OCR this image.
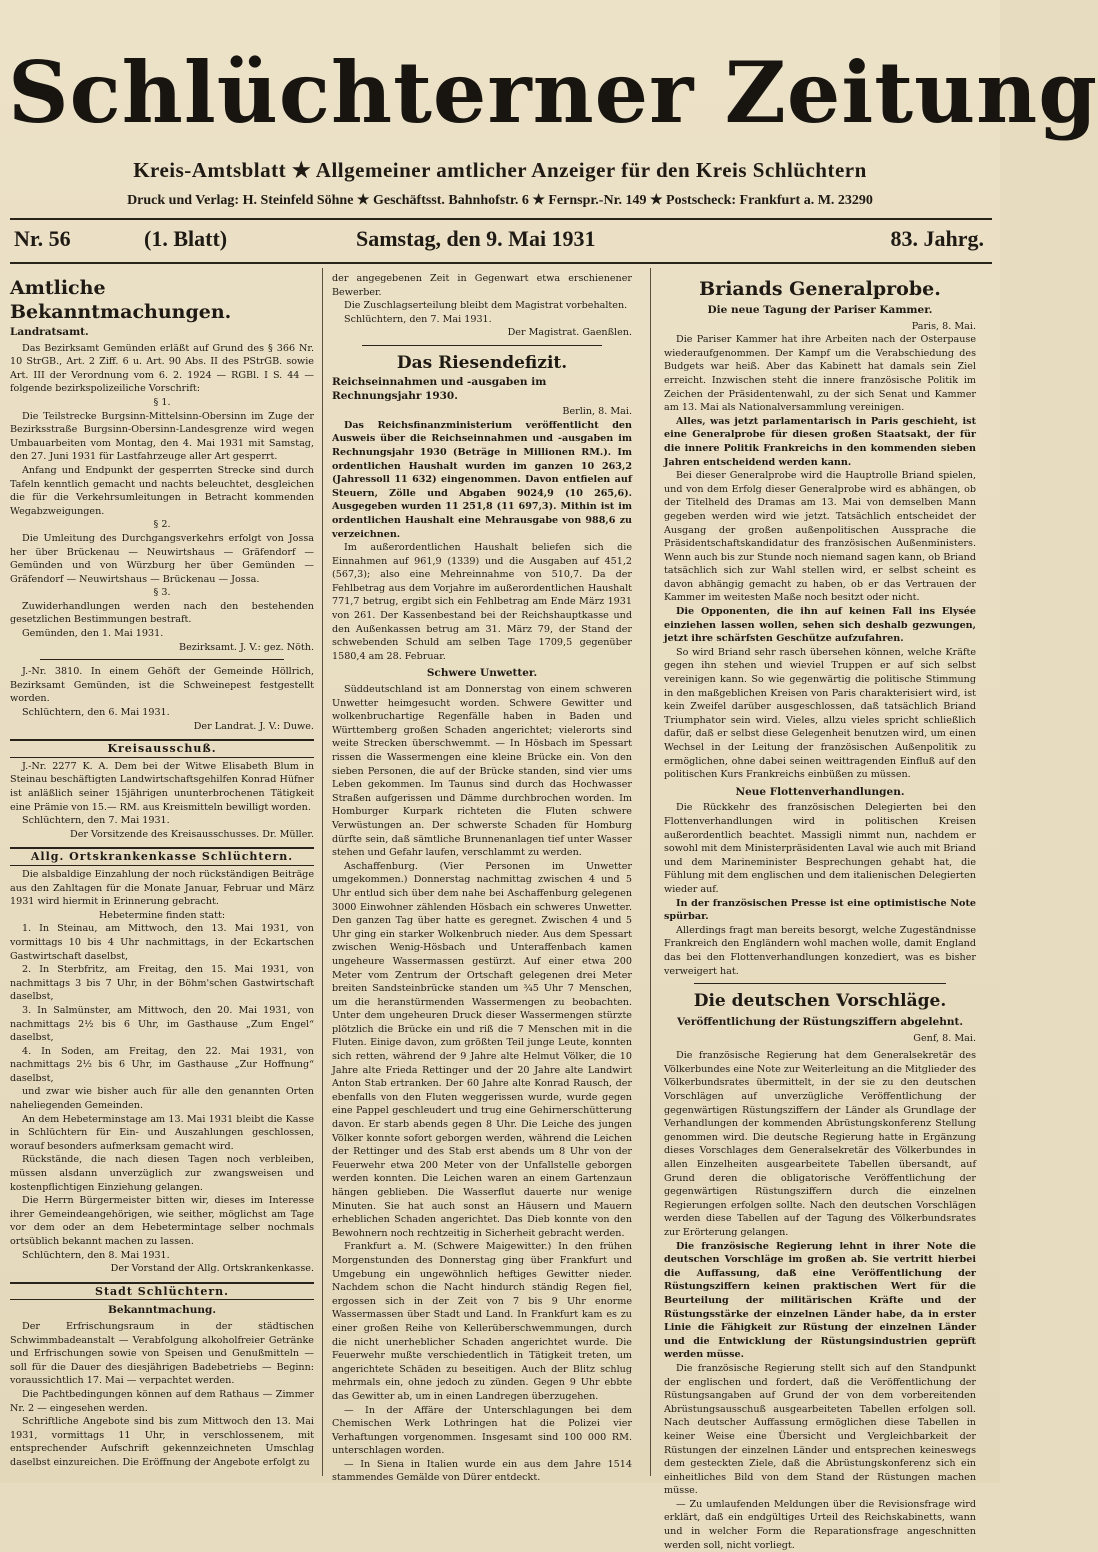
Schlüchterner Zeitung
Kreis-Amtsblatt ★ Allgemeiner amtlicher Anzeiger für den Kreis Schlüchtern
Druck und Verlag: H. Steinfeld Söhne ★ Geschäftsst. Bahnhofstr. 6 ★ Fernspr.-Nr. 149 ★ Postscheck: Frankfurt a. M. 23290
Nr. 56	(1. Blatt)	Samstag, den 9. Mai 1931	83. Jahrg.
Amtliche Bekanntmachungen.
Landratsamt.

Das Bezirksamt Gemünden erläßt auf Grund des § 366 Nr. 10 StrGB., Art. 2 Ziff. 6 u. Art. 90 Abs. II des PStrGB. sowie Art. III der Verordnung vom 6. 2. 1924 — RGBl. I S. 44 — folgende bezirkspolizeiliche Vorschrift:

§ 1.

Die Teilstrecke Burgsinn-Mittelsinn-Obersinn im Zuge der Bezirksstraße Burgsinn-Obersinn-Landesgrenze wird wegen Umbauarbeiten vom Montag, den 4. Mai 1931 mit Samstag, den 27. Juni 1931 für Lastfahrzeuge aller Art gesperrt.

Anfang und Endpunkt der gesperrten Strecke sind durch Tafeln kenntlich gemacht und nachts beleuchtet, desgleichen die für die Verkehrsumleitungen in Betracht kommenden Wegabzweigungen.

§ 2.

Die Umleitung des Durchgangsverkehrs erfolgt von Jossa her über Brückenau — Neuwirtshaus — Gräfendorf — Gemünden und von Würzburg her über Gemünden — Gräfendorf — Neuwirtshaus — Brückenau — Jossa.

§ 3.

Zuwiderhandlungen werden nach den bestehenden gesetzlichen Bestimmungen bestraft.

Gemünden, den 1. Mai 1931.

Bezirksamt. J. V.: gez. Nöth.

J.-Nr. 3810. In einem Gehöft der Gemeinde Höllrich, Bezirksamt Gemünden, ist die Schweinepest festgestellt worden.

Schlüchtern, den 6. Mai 1931.

Der Landrat. J. V.: Duwe.
Kreisausschuß.

J.-Nr. 2277 K. A. Dem bei der Witwe Elisabeth Blum in Steinau beschäftigten Landwirtschaftsgehilfen Konrad Hüfner ist anläßlich seiner 15jährigen ununterbrochenen Tätigkeit eine Prämie von 15.— RM. aus Kreismitteln bewilligt worden.

Schlüchtern, den 7. Mai 1931.

Der Vorsitzende des Kreisausschusses. Dr. Müller.
Allg. Ortskrankenkasse Schlüchtern.

Die alsbaldige Einzahlung der noch rückständigen Beiträge aus den Zahltagen für die Monate Januar, Februar und März 1931 wird hiermit in Erinnerung gebracht.

Hebetermine finden statt:

1. In Steinau, am Mittwoch, den 13. Mai 1931, von vormittags 10 bis 4 Uhr nachmittags, in der Eckartschen Gastwirtschaft daselbst,

2. In Sterbfritz, am Freitag, den 15. Mai 1931, von nachmittags 3 bis 7 Uhr, in der Böhm'schen Gastwirtschaft daselbst,

3. In Salmünster, am Mittwoch, den 20. Mai 1931, von nachmittags 2½ bis 6 Uhr, im Gasthause „Zum Engel“ daselbst,

4. In Soden, am Freitag, den 22. Mai 1931, von nachmittags 2½ bis 6 Uhr, im Gasthause „Zur Hoffnung“ daselbst,

und zwar wie bisher auch für alle den genannten Orten naheliegenden Gemeinden.

An dem Hebeterminstage am 13. Mai 1931 bleibt die Kasse in Schlüchtern für Ein- und Auszahlungen geschlossen, worauf besonders aufmerksam gemacht wird.

Rückstände, die nach diesen Tagen noch verbleiben, müssen alsdann unverzüglich zur zwangsweisen und kostenpflichtigen Einziehung gelangen.

Die Herrn Bürgermeister bitten wir, dieses im Interesse ihrer Gemeindeangehörigen, wie seither, möglichst am Tage vor dem oder an dem Hebetermintage selber nochmals ortsüblich bekannt machen zu lassen.

Schlüchtern, den 8. Mai 1931.

Der Vorstand der Allg. Ortskrankenkasse.
Stadt Schlüchtern.
Bekanntmachung.

Der Erfrischungsraum in der städtischen Schwimmbadeanstalt — Verabfolgung alkoholfreier Getränke und Erfrischungen sowie von Speisen und Genußmitteln — soll für die Dauer des diesjährigen Badebetriebs — Beginn: voraussichtlich 17. Mai — verpachtet werden.

Die Pachtbedingungen können auf dem Rathaus — Zimmer Nr. 2 — eingesehen werden.

Schriftliche Angebote sind bis zum Mittwoch den 13. Mai 1931, vormittags 11 Uhr, in verschlossenem, mit entsprechender Aufschrift gekennzeichneten Umschlag daselbst einzureichen. Die Eröffnung der Angebote erfolgt zu

der angegebenen Zeit in Gegenwart etwa erschienener Bewerber.

Die Zuschlagserteilung bleibt dem Magistrat vorbehalten.

Schlüchtern, den 7. Mai 1931.

Der Magistrat. Gaenßlen.
Das Riesendefizit.
Reichseinnahmen und -ausgaben im Rechnungsjahr 1930.
Berlin, 8. Mai.

Das Reichsfinanzministerium veröffentlicht den Ausweis über die Reichseinnahmen und -ausgaben im Rechnungsjahr 1930 (Beträge in Millionen RM.). Im ordentlichen Haushalt wurden im ganzen 10 263,2 (Jahressoll 11 632) eingenommen. Davon entfielen auf Steuern, Zölle und Abgaben 9024,9 (10 265,6). Ausgegeben wurden 11 251,8 (11 697,3). Mithin ist im ordentlichen Haushalt eine Mehrausgabe von 988,6 zu verzeichnen.

Im außerordentlichen Haushalt beliefen sich die Einnahmen auf 961,9 (1339) und die Ausgaben auf 451,2 (567,3); also eine Mehreinnahme von 510,7. Da der Fehlbetrag aus dem Vorjahre im außerordentlichen Haushalt 771,7 betrug, ergibt sich ein Fehlbetrag am Ende März 1931 von 261. Der Kassenbestand bei der Reichshauptkasse und den Außenkassen betrug am 31. März 79, der Stand der schwebenden Schuld am selben Tage 1709,5 gegenüber 1580,4 am 28. Februar.

Schwere Unwetter.

Süddeutschland ist am Donnerstag von einem schweren Unwetter heimgesucht worden. Schwere Gewitter und wolkenbruchartige Regenfälle haben in Baden und Württemberg großen Schaden angerichtet; vielerorts sind weite Strecken überschwemmt. — In Hösbach im Spessart rissen die Wassermengen eine kleine Brücke ein. Von den sieben Personen, die auf der Brücke standen, sind vier ums Leben gekommen. Im Taunus sind durch das Hochwasser Straßen aufgerissen und Dämme durchbrochen worden. Im Homburger Kurpark richteten die Fluten schwere Verwüstungen an. Der schwerste Schaden für Homburg dürfte sein, daß sämtliche Brunnenanlagen tief unter Wasser stehen und Gefahr laufen, verschlammt zu werden.

Aschaffenburg. (Vier Personen im Unwetter umgekommen.) Donnerstag nachmittag zwischen 4 und 5 Uhr entlud sich über dem nahe bei Aschaffenburg gelegenen 3000 Einwohner zählenden Hösbach ein schweres Unwetter. Den ganzen Tag über hatte es geregnet. Zwischen 4 und 5 Uhr ging ein starker Wolkenbruch nieder. Aus dem Spessart zwischen Wenig-Hösbach und Unteraffenbach kamen ungeheure Wassermassen gestürzt. Auf einer etwa 200 Meter vom Zentrum der Ortschaft gelegenen drei Meter breiten Sandsteinbrücke standen um ¾5 Uhr 7 Menschen, um die heranstürmenden Wassermengen zu beobachten. Unter dem ungeheuren Druck dieser Wassermengen stürzte plötzlich die Brücke ein und riß die 7 Menschen mit in die Fluten. Einige davon, zum größten Teil junge Leute, konnten sich retten, während der 9 Jahre alte Helmut Völker, die 10 Jahre alte Frieda Rettinger und der 20 Jahre alte Landwirt Anton Stab ertranken. Der 60 Jahre alte Konrad Rausch, der ebenfalls von den Fluten weggerissen wurde, wurde gegen eine Pappel geschleudert und trug eine Gehirnerschütterung davon. Er starb abends gegen 8 Uhr. Die Leiche des jungen Völker konnte sofort geborgen werden, während die Leichen der Rettinger und des Stab erst abends um 8 Uhr von der Feuerwehr etwa 200 Meter von der Unfallstelle geborgen werden konnten. Die Leichen waren an einem Gartenzaun hängen geblieben. Die Wasserflut dauerte nur wenige Minuten. Sie hat auch sonst an Häusern und Mauern erheblichen Schaden angerichtet. Das Dieb konnte von den Bewohnern noch rechtzeitig in Sicherheit gebracht werden.

Frankfurt a. M. (Schwere Maigewitter.) In den frühen Morgenstunden des Donnerstag ging über Frankfurt und Umgebung ein ungewöhnlich heftiges Gewitter nieder. Nachdem schon die Nacht hindurch ständig Regen fiel, ergossen sich in der Zeit von 7 bis 9 Uhr enorme Wassermassen über Stadt und Land. In Frankfurt kam es zu einer großen Reihe von Kellerüberschwemmungen, durch die nicht unerheblicher Schaden angerichtet wurde. Die Feuerwehr mußte verschiedentlich in Tätigkeit treten, um angerichtete Schäden zu beseitigen. Auch der Blitz schlug mehrmals ein, ohne jedoch zu zünden. Gegen 9 Uhr ebbte das Gewitter ab, um in einen Landregen überzugehen.

— In der Affäre der Unterschlagungen bei dem Chemischen Werk Lothringen hat die Polizei vier Verhaftungen vorgenommen. Insgesamt sind 100 000 RM. unterschlagen worden.

— In Siena in Italien wurde ein aus dem Jahre 1514 stammendes Gemälde von Dürer entdeckt.

Briands Generalprobe.
Die neue Tagung der Pariser Kammer.
Paris, 8. Mai.

Die Pariser Kammer hat ihre Arbeiten nach der Osterpause wiederaufgenommen. Der Kampf um die Verabschiedung des Budgets war heiß. Aber das Kabinett hat damals sein Ziel erreicht. Inzwischen steht die innere französische Politik im Zeichen der Präsidentenwahl, zu der sich Senat und Kammer am 13. Mai als Nationalversammlung vereinigen.

Alles, was jetzt parlamentarisch in Paris geschieht, ist eine Generalprobe für diesen großen Staatsakt, der für die innere Politik Frankreichs in den kommenden sieben Jahren entscheidend werden kann.

Bei dieser Generalprobe wird die Hauptrolle Briand spielen, und von dem Erfolg dieser Generalprobe wird es abhängen, ob der Titelheld des Dramas am 13. Mai von demselben Mann gegeben werden wird wie jetzt. Tatsächlich entscheidet der Ausgang der großen außenpolitischen Aussprache die Präsidentschaftskandidatur des französischen Außenministers. Wenn auch bis zur Stunde noch niemand sagen kann, ob Briand tatsächlich sich zur Wahl stellen wird, er selbst scheint es davon abhängig gemacht zu haben, ob er das Vertrauen der Kammer im weitesten Maße noch besitzt oder nicht.

Die Opponenten, die ihn auf keinen Fall ins Elysée einziehen lassen wollen, sehen sich deshalb gezwungen, jetzt ihre schärfsten Geschütze aufzufahren.

So wird Briand sehr rasch übersehen können, welche Kräfte gegen ihn stehen und wieviel Truppen er auf sich selbst vereinigen kann. So wie gegenwärtig die politische Stimmung in den maßgeblichen Kreisen von Paris charakterisiert wird, ist kein Zweifel darüber ausgeschlossen, daß tatsächlich Briand Triumphator sein wird. Vieles, allzu vieles spricht schließlich dafür, daß er selbst diese Gelegenheit benutzen wird, um einen Wechsel in der Leitung der französischen Außenpolitik zu ermöglichen, ohne dabei seinen weittragenden Einfluß auf den politischen Kurs Frankreichs einbüßen zu müssen.

Neue Flottenverhandlungen.

Die Rückkehr des französischen Delegierten bei den Flottenverhandlungen wird in politischen Kreisen außerordentlich beachtet. Massigli nimmt nun, nachdem er sowohl mit dem Ministerpräsidenten Laval wie auch mit Briand und dem Marineminister Besprechungen gehabt hat, die Fühlung mit dem englischen und dem italienischen Delegierten wieder auf.

In der französischen Presse ist eine optimistische Note spürbar.

Allerdings fragt man bereits besorgt, welche Zugeständnisse Frankreich den Engländern wohl machen wolle, damit England das bei den Flottenverhandlungen konzediert, was es bisher verweigert hat.

Die deutschen Vorschläge.
Veröffentlichung der Rüstungsziffern abgelehnt.
Genf, 8. Mai.

Die französische Regierung hat dem Generalsekretär des Völkerbundes eine Note zur Weiterleitung an die Mitglieder des Völkerbundsrates übermittelt, in der sie zu den deutschen Vorschlägen auf unverzügliche Veröffentlichung der gegenwärtigen Rüstungsziffern der Länder als Grundlage der Verhandlungen der kommenden Abrüstungskonferenz Stellung genommen wird. Die deutsche Regierung hatte in Ergänzung dieses Vorschlages dem Generalsekretär des Völkerbundes in allen Einzelheiten ausgearbeitete Tabellen übersandt, auf Grund deren die obligatorische Veröffentlichung der gegenwärtigen Rüstungsziffern durch die einzelnen Regierungen erfolgen sollte. Nach den deutschen Vorschlägen werden diese Tabellen auf der Tagung des Völkerbundsrates zur Erörterung gelangen.

Die französische Regierung lehnt in ihrer Note die deutschen Vorschläge im großen ab. Sie vertritt hierbei die Auffassung, daß eine Veröffentlichung der Rüstungsziffern keinen praktischen Wert für die Beurteilung der militärischen Kräfte und der Rüstungsstärke der einzelnen Länder habe, da in erster Linie die Fähigkeit zur Rüstung der einzelnen Länder und die Entwicklung der Rüstungsindustrien geprüft werden müsse.

Die französische Regierung stellt sich auf den Standpunkt der englischen und fordert, daß die Veröffentlichung der Rüstungsangaben auf Grund der von dem vorbereitenden Abrüstungsausschuß ausgearbeiteten Tabellen erfolgen soll. Nach deutscher Auffassung ermöglichen diese Tabellen in keiner Weise eine Übersicht und Vergleichbarkeit der Rüstungen der einzelnen Länder und entsprechen keineswegs dem gesteckten Ziele, daß die Abrüstungskonferenz sich ein einheitliches Bild von dem Stand der Rüstungen machen müsse.

— Zu umlaufenden Meldungen über die Revisionsfrage wird erklärt, daß ein endgültiges Urteil des Reichskabinetts, wann und in welcher Form die Reparationsfrage angeschnitten werden soll, nicht vorliegt.
